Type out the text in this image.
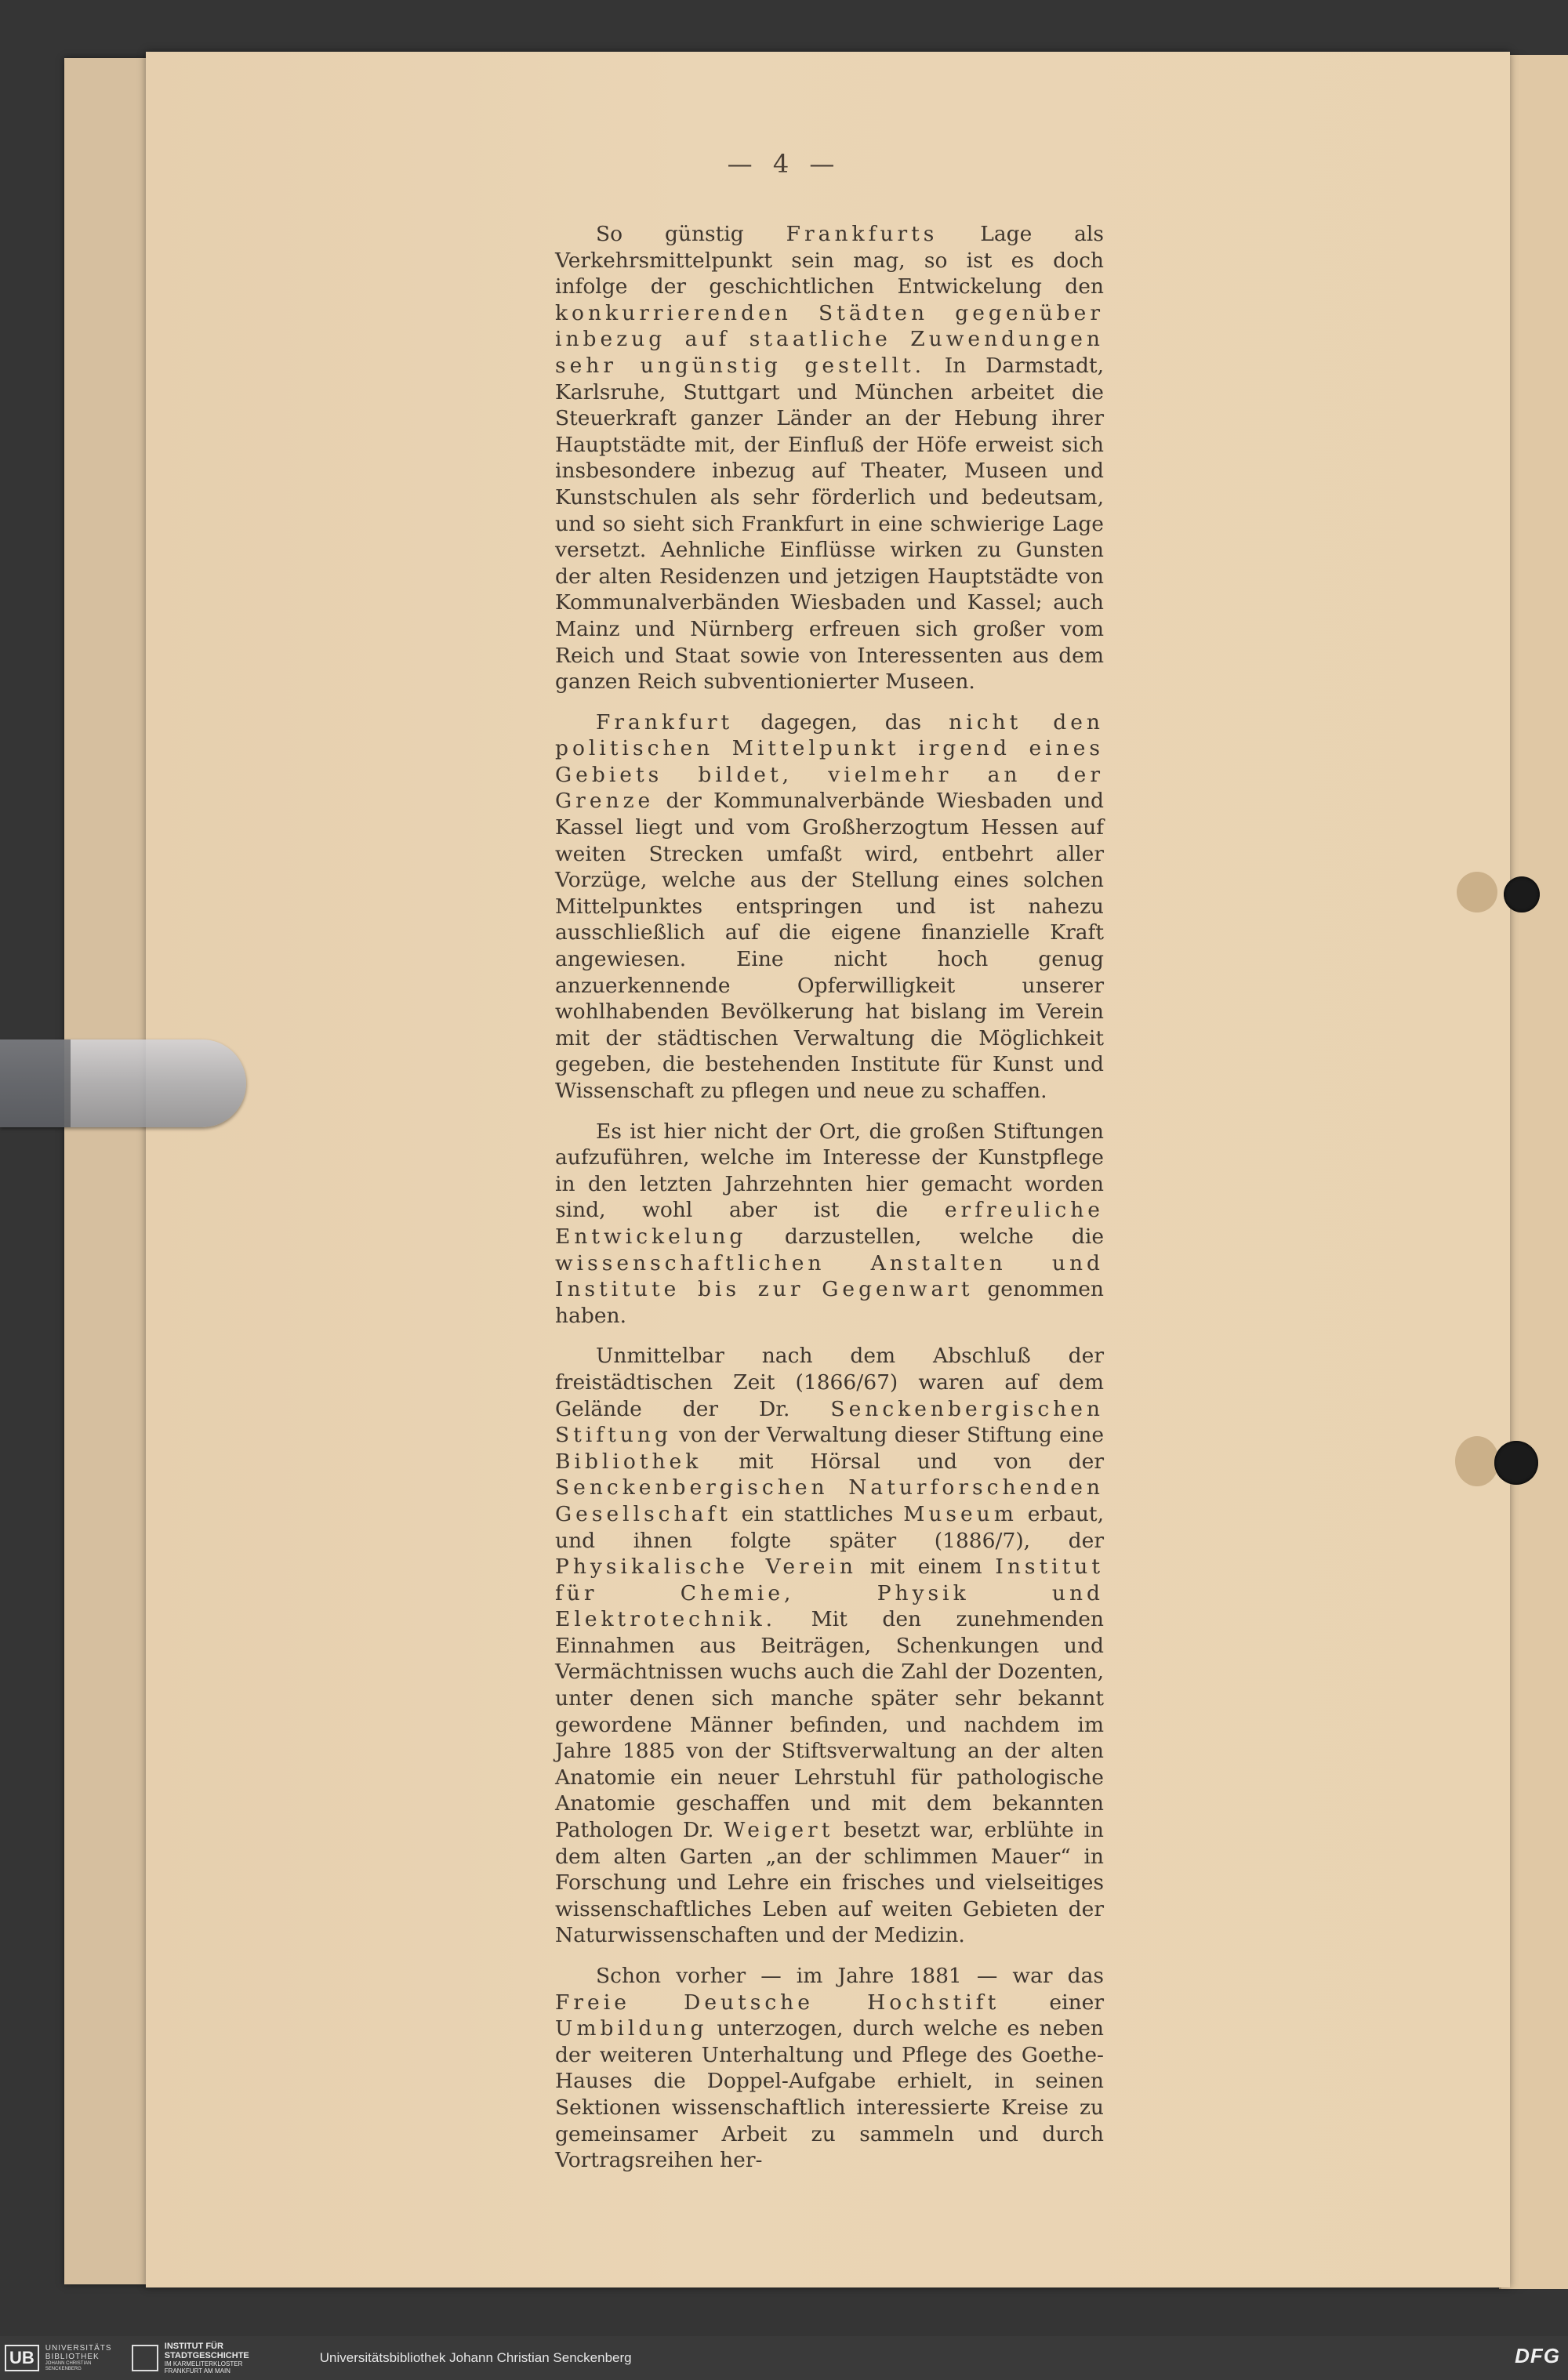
— 4 —

So günstig Frankfurts Lage als Verkehrsmittelpunkt sein mag, so ist es doch infolge der geschichtlichen Entwickelung den konkurrierenden Städten gegenüber inbezug auf staatliche Zuwendungen sehr ungünstig gestellt. In Darmstadt, Karlsruhe, Stuttgart und München arbeitet die Steuerkraft ganzer Länder an der Hebung ihrer Hauptstädte mit, der Einfluß der Höfe erweist sich insbesondere inbezug auf Theater, Museen und Kunstschulen als sehr förderlich und bedeutsam, und so sieht sich Frankfurt in eine schwierige Lage versetzt. Aehnliche Einflüsse wirken zu Gunsten der alten Residenzen und jetzigen Hauptstädte von Kommunalverbänden Wiesbaden und Kassel; auch Mainz und Nürnberg erfreuen sich großer vom Reich und Staat sowie von Interessenten aus dem ganzen Reich subventionierter Museen.

Frankfurt dagegen, das nicht den politischen Mittelpunkt irgend eines Gebiets bildet, vielmehr an der Grenze der Kommunalverbände Wiesbaden und Kassel liegt und vom Großherzogtum Hessen auf weiten Strecken umfaßt wird, entbehrt aller Vorzüge, welche aus der Stellung eines solchen Mittelpunktes entspringen und ist nahezu ausschließlich auf die eigene finanzielle Kraft angewiesen. Eine nicht hoch genug anzuerkennende Opferwilligkeit unserer wohlhabenden Bevölkerung hat bislang im Verein mit der städtischen Verwaltung die Möglichkeit gegeben, die bestehenden Institute für Kunst und Wissenschaft zu pflegen und neue zu schaffen.

Es ist hier nicht der Ort, die großen Stiftungen aufzuführen, welche im Interesse der Kunstpflege in den letzten Jahrzehnten hier gemacht worden sind, wohl aber ist die erfreuliche Entwickelung darzustellen, welche die wissenschaftlichen Anstalten und Institute bis zur Gegenwart genommen haben.

Unmittelbar nach dem Abschluß der freistädtischen Zeit (1866/67) waren auf dem Gelände der Dr. Senckenbergischen Stiftung von der Verwaltung dieser Stiftung eine Bibliothek mit Hörsal und von der Senckenbergischen Naturforschenden Gesellschaft ein stattliches Museum erbaut, und ihnen folgte später (1886/7), der Physikalische Verein mit einem Institut für Chemie, Physik und Elektrotechnik. Mit den zunehmenden Einnahmen aus Beiträgen, Schenkungen und Vermächtnissen wuchs auch die Zahl der Dozenten, unter denen sich manche später sehr bekannt gewordene Männer befinden, und nachdem im Jahre 1885 von der Stiftsverwaltung an der alten Anatomie ein neuer Lehrstuhl für pathologische Anatomie geschaffen und mit dem bekannten Pathologen Dr. Weigert besetzt war, erblühte in dem alten Garten „an der schlimmen Mauer“ in Forschung und Lehre ein frisches und vielseitiges wissenschaftliches Leben auf weiten Gebieten der Naturwissenschaften und der Medizin.

Schon vorher — im Jahre 1881 — war das Freie Deutsche Hochstift einer Umbildung unterzogen, durch welche es neben der weiteren Unterhaltung und Pflege des Goethe-Hauses die Doppel-Aufgabe erhielt, in seinen Sektionen wissenschaftlich interessierte Kreise zu gemeinsamer Arbeit zu sammeln und durch Vortragsreihen her-

UB	UNIVERSITÄTS
BIBLIOTHEK
JOHANN CHRISTIAN SENCKENBERG
INSTITUT FÜR
STADTGESCHICHTE
IM KARMELITERKLOSTER
FRANKFURT AM MAIN
Universitätsbibliothek Johann Christian Senckenberg	DFG
